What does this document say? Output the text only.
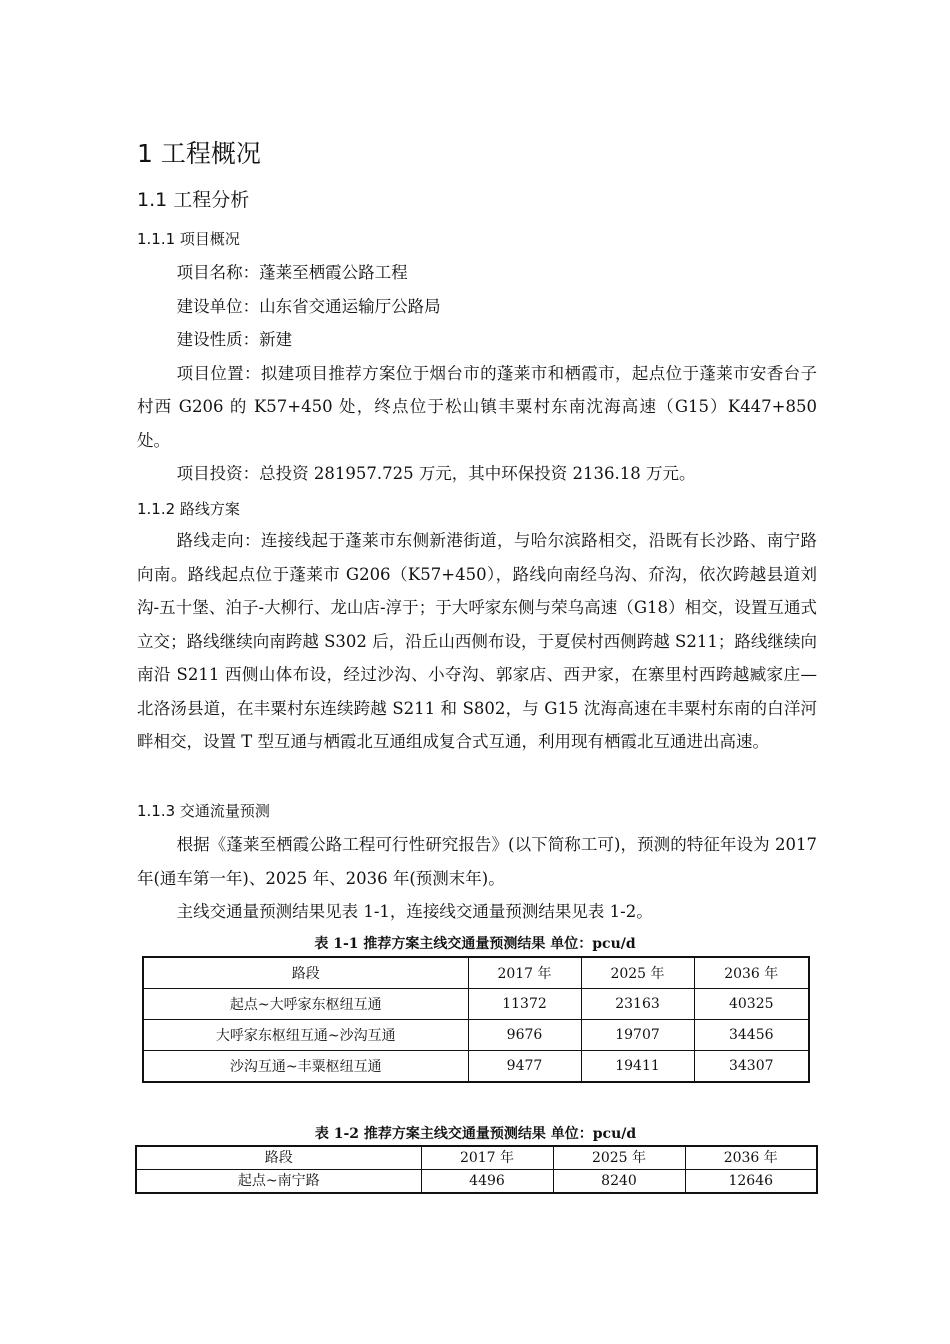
1 工程概况
1.1 工程分析
1.1.1 项目概况

项目名称：蓬莱至栖霞公路工程

建设单位：山东省交通运输厅公路局

建设性质：新建

项目位置：拟建项目推荐方案位于烟台市的蓬莱市和栖霞市，起点位于蓬莱市安香台子村西 G206 的 K57+450 处，终点位于松山镇丰粟村东南沈海高速（G15）K447+850 处。

项目投资：总投资 281957.725 万元，其中环保投资 2136.18 万元。

1.1.2 路线方案

路线走向：连接线起于蓬莱市东侧新港街道，与哈尔滨路相交，沿既有长沙路、南宁路向南。路线起点位于蓬莱市 G206（K57+450），路线向南经乌沟、夼沟，依次跨越县道刘沟-五十堡、泊子-大柳行、龙山店-淳于；于大呼家东侧与荣乌高速（G18）相交，设置互通式立交；路线继续向南跨越 S302 后，沿丘山西侧布设，于夏侯村西侧跨越 S211；路线继续向南沿 S211 西侧山体布设，经过沙沟、小夺沟、郭家店、西尹家，在寨里村西跨越臧家庄—北洛汤县道，在丰粟村东连续跨越 S211 和 S802，与 G15 沈海高速在丰粟村东南的白洋河畔相交，设置 T 型互通与栖霞北互通组成复合式互通，利用现有栖霞北互通进出高速。

1.1.3 交通流量预测

根据《蓬莱至栖霞公路工程可行性研究报告》(以下简称工可)，预测的特征年设为 2017 年(通车第一年)、2025 年、2036 年(预测末年)。

主线交通量预测结果见表 1-1，连接线交通量预测结果见表 1-2。

表 1-1 推荐方案主线交通量预测结果 单位：pcu/d
路段	2017 年	2025 年	2036 年
起点~大呼家东枢纽互通	11372	23163	40325
大呼家东枢纽互通~沙沟互通	9676	19707	34456
沙沟互通~丰粟枢纽互通	9477	19411	34307
表 1-2 推荐方案主线交通量预测结果 单位：pcu/d
路段	2017 年	2025 年	2036 年
起点~南宁路	4496	8240	12646
